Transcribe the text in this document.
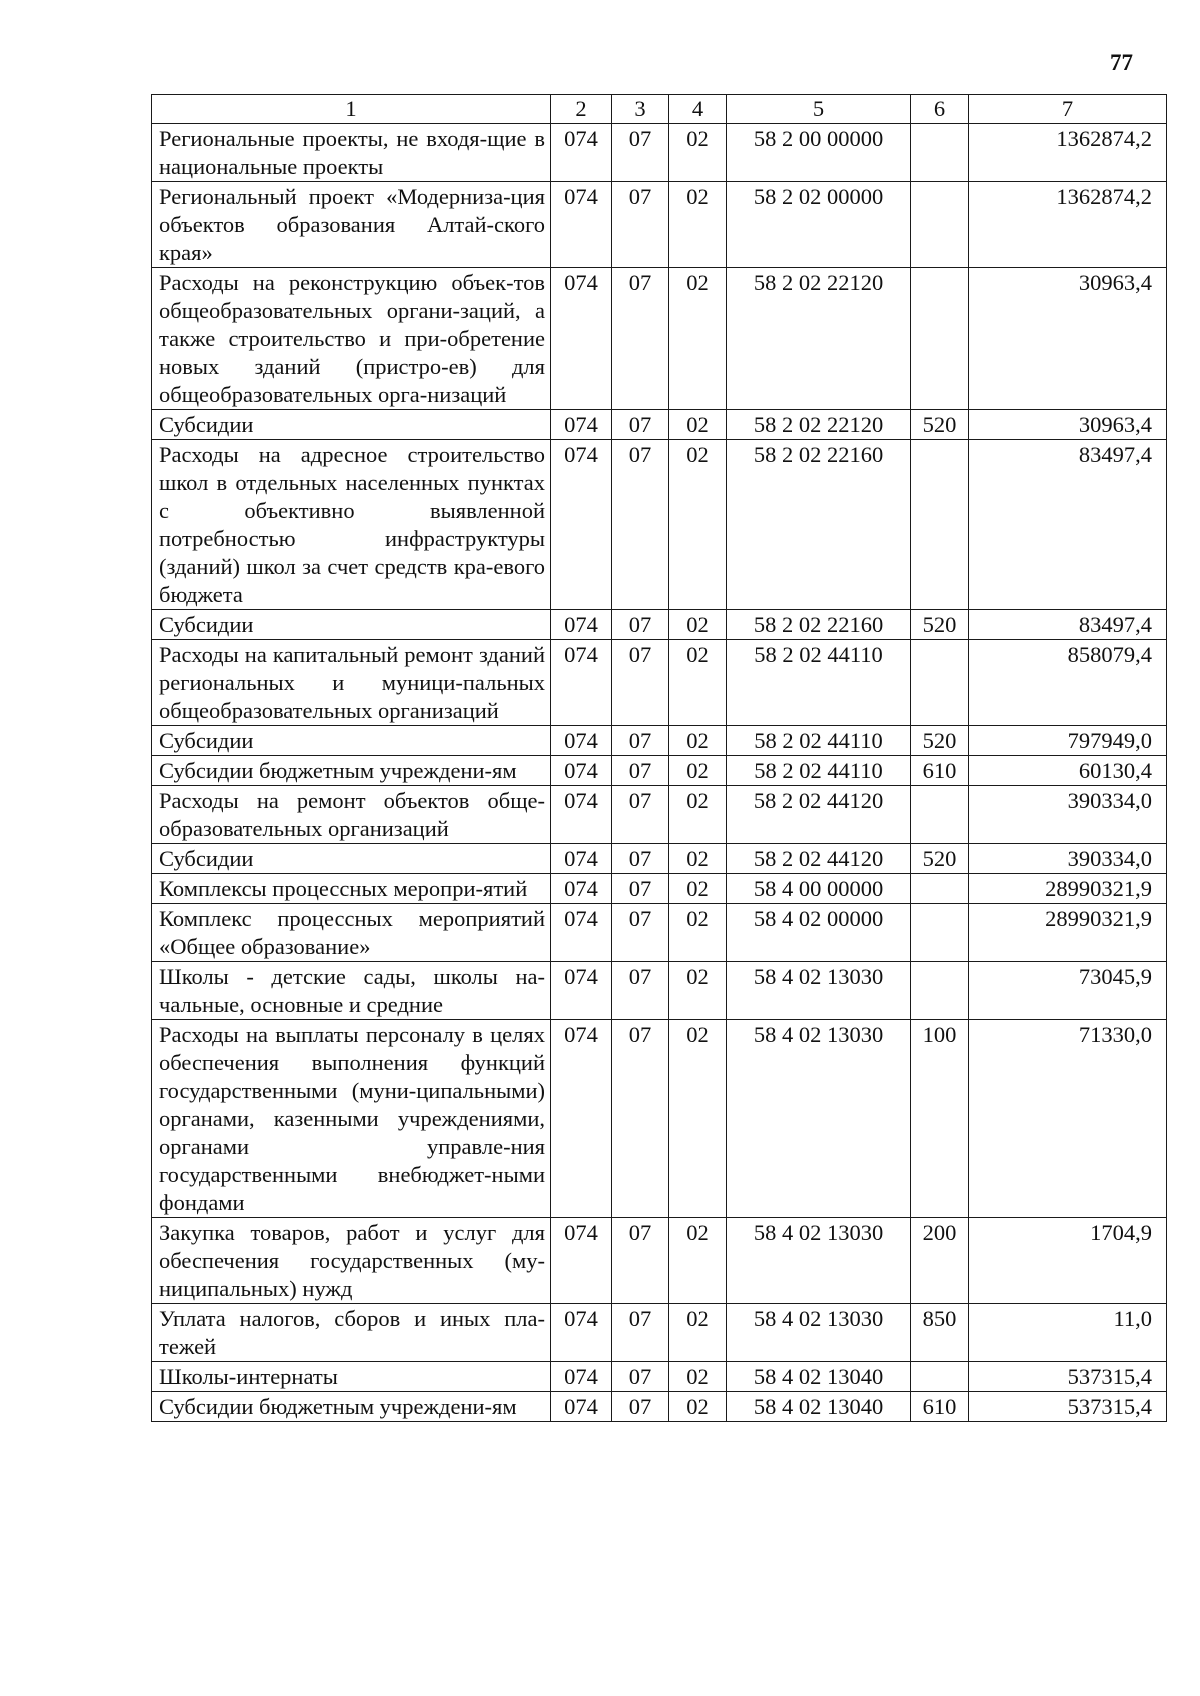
77
1	2	3	4	5	6	7
Региональные проекты, не входя-щие в национальные проекты	074	07	02	58 2 00 00000		1362874,2
Региональный проект «Модерниза-ция объектов образования Алтай-ского края»	074	07	02	58 2 02 00000		1362874,2
Расходы на реконструкцию объек-тов общеобразовательных органи-заций, а также строительство и при-обретение новых зданий (пристро-ев) для общеобразовательных орга-низаций	074	07	02	58 2 02 22120		30963,4
Субсидии	074	07	02	58 2 02 22120	520	30963,4
Расходы на адресное строительство школ в отдельных населенных пунктах с объективно выявленной потребностью инфраструктуры (зданий) школ за счет средств кра-евого бюджета	074	07	02	58 2 02 22160		83497,4
Субсидии	074	07	02	58 2 02 22160	520	83497,4
Расходы на капитальный ремонт зданий региональных и муници-пальных общеобразовательных организаций	074	07	02	58 2 02 44110		858079,4
Субсидии	074	07	02	58 2 02 44110	520	797949,0
Субсидии бюджетным учреждени-ям	074	07	02	58 2 02 44110	610	60130,4
Расходы на ремонт объектов обще-образовательных организаций	074	07	02	58 2 02 44120		390334,0
Субсидии	074	07	02	58 2 02 44120	520	390334,0
Комплексы процессных меропри-ятий	074	07	02	58 4 00 00000		28990321,9
Комплекс процессных мероприятий «Общее образование»	074	07	02	58 4 02 00000		28990321,9
Школы - детские сады, школы на-чальные, основные и средние	074	07	02	58 4 02 13030		73045,9
Расходы на выплаты персоналу в целях обеспечения выполнения функций государственными (муни-ципальными) органами, казенными учреждениями, органами управле-ния государственными внебюджет-ными фондами	074	07	02	58 4 02 13030	100	71330,0
Закупка товаров, работ и услуг для обеспечения государственных (му-ниципальных) нужд	074	07	02	58 4 02 13030	200	1704,9
Уплата налогов, сборов и иных пла-тежей	074	07	02	58 4 02 13030	850	11,0
Школы-интернаты	074	07	02	58 4 02 13040		537315,4
Субсидии бюджетным учреждени-ям	074	07	02	58 4 02 13040	610	537315,4
